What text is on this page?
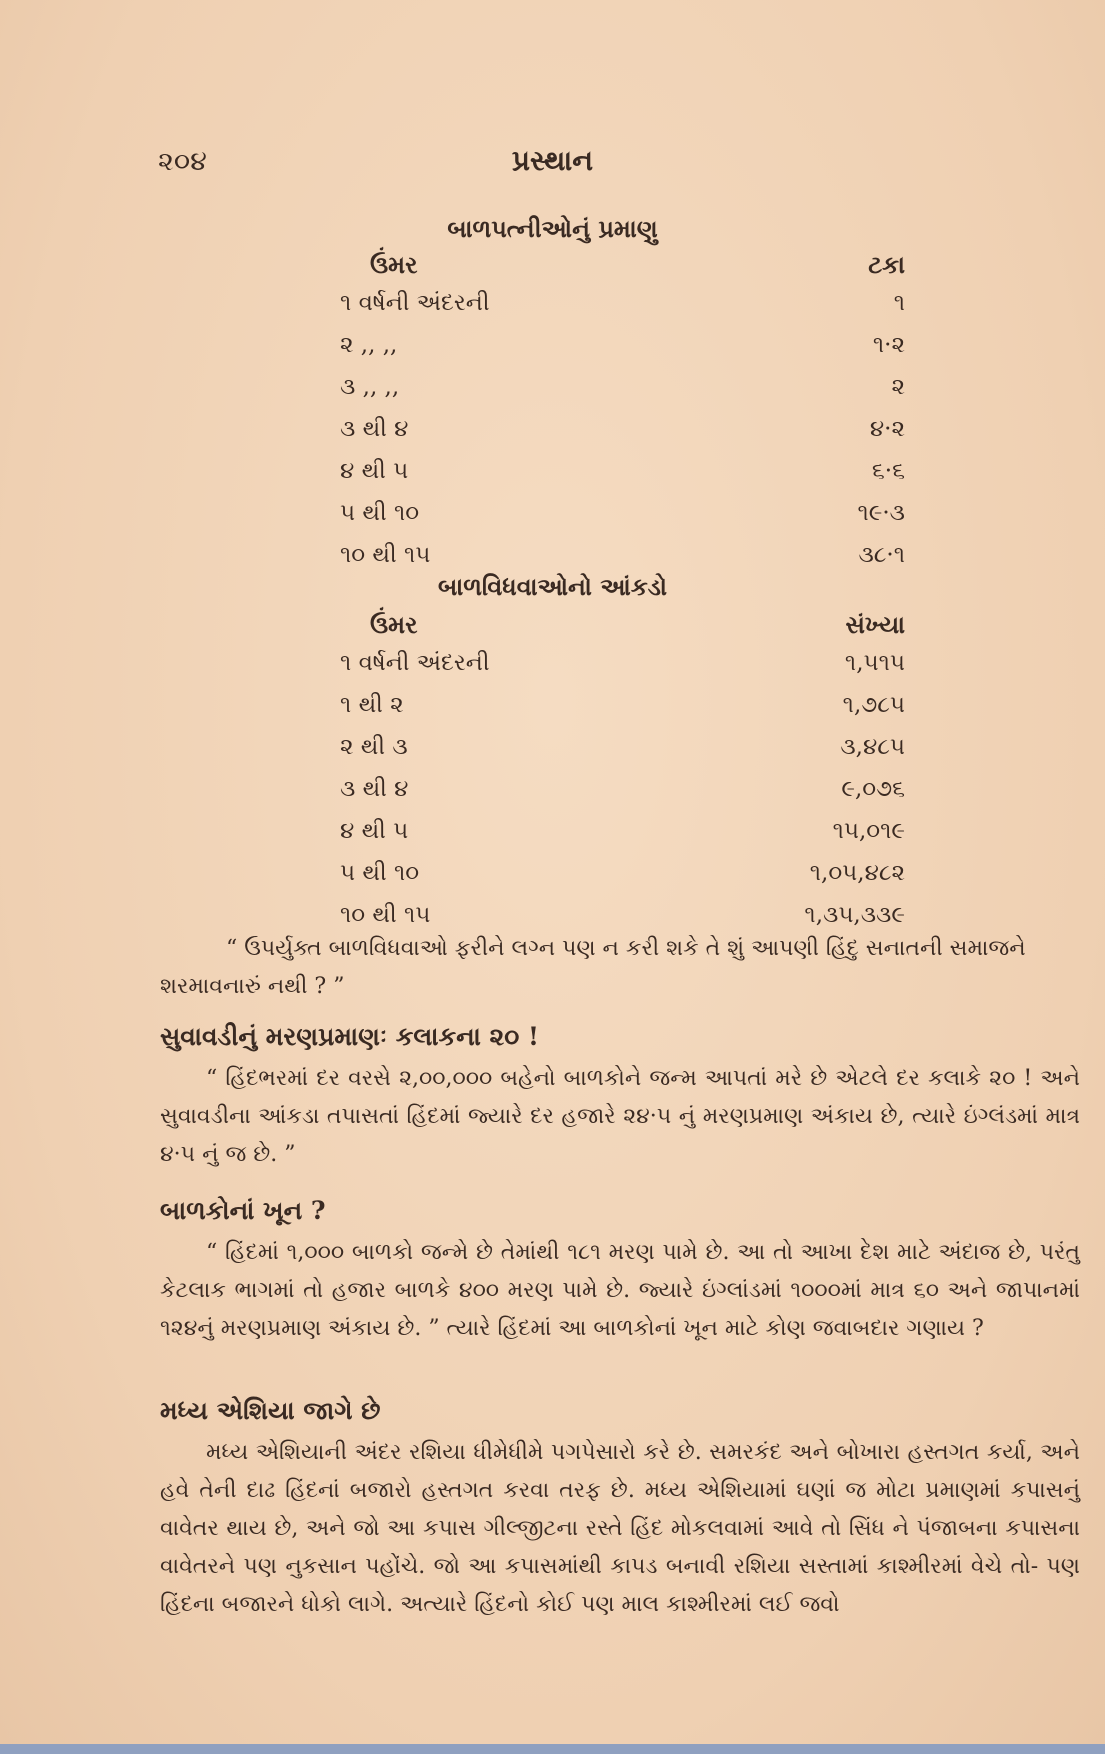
૨૦૪	પ્રસ્થાન
બાળપત્નીઓનું પ્રમાણુ
ઉંમર	ટકા
૧ વર્ષની અંદરની	૧
૨ ,, ,,	૧·૨
૩ ,, ,,	૨
૩ થી ૪	૪·૨
૪ થી ૫	૬·૬
૫ થી ૧૦	૧૯·૩
૧૦ થી ૧૫	૩૮·૧
બાળવિધવાઓનો આંકડો
ઉંમર	સંખ્યા
૧ વર્ષની અંદરની	૧,૫૧૫
૧ થી ૨	૧,૭૮૫
૨ થી ૩	૩,૪૮૫
૩ થી ૪	૯,૦૭૬
૪ થી ૫	૧૫,૦૧૯
૫ થી ૧૦	૧,૦૫,૪૮૨
૧૦ થી ૧૫	૧,૩૫,૩૩૯

“ ઉપર્યુક્ત બાળવિધવાઓ ફરીને લગ્ન પણ ન કરી શકે તે શું આપણી હિંદુ સનાતની સમાજને શરમાવનારું નથી ? ”

સુવાવડીનું મરણપ્રમાણઃ કલાકના ૨૦ !

“ હિંદભરમાં દર વરસે ૨,૦૦,૦૦૦ બહેનો બાળકોને જન્મ આપતાં મરે છે એટલે દર કલાકે ૨૦ ! અને સુવાવડીના આંકડા તપાસતાં હિંદમાં જ્યારે દર હજારે ૨૪·૫ નું મરણપ્રમાણ અંકાય છે, ત્યારે ઇંગ્લંડમાં માત્ર ૪·૫ નું જ છે. ”

બાળકોનાં ખૂન ?

“ હિંદમાં ૧,૦૦૦ બાળકો જન્મે છે તેમાંથી ૧૮૧ મરણ પામે છે. આ તો આખા દેશ માટે અંદાજ છે, પરંતુ કેટલાક ભાગમાં તો હજાર બાળકે ૪૦૦ મરણ પામે છે. જ્યારે ઇંગ્લાંડમાં ૧૦૦૦માં માત્ર ૬૦ અને જાપાનમાં ૧૨૪નું મરણપ્રમાણ અંકાય છે. ” ત્યારે હિંદમાં આ બાળકોનાં ખૂન માટે કોણ જવાબદાર ગણાય ?

મધ્ય એશિયા જાગે છે

મધ્ય એશિયાની અંદર રશિયા ધીમેધીમે પગપેસારો કરે છે. સમરકંદ અને બોખારા હસ્તગત કર્યા, અને હવે તેની દાઢ હિંદનાં બજારો હસ્તગત કરવા તરફ છે. મધ્ય એશિયામાં ઘણાં જ મોટા પ્રમાણમાં કપાસનું વાવેતર થાય છે, અને જો આ કપાસ ગીલ્જીટના રસ્તે હિંદ મોકલવામાં આવે તો સિંધ ને પંજાબના કપાસના વાવેતરને પણ નુકસાન પહોંચે. જો આ કપાસમાંથી કાપડ બનાવી રશિયા સસ્તામાં કાશ્મીરમાં વેચે તો- પણ હિંદના બજારને ધોકો લાગે. અત્યારે હિંદનો કોઈ પણ માલ કાશ્મીરમાં લઈ જવો
